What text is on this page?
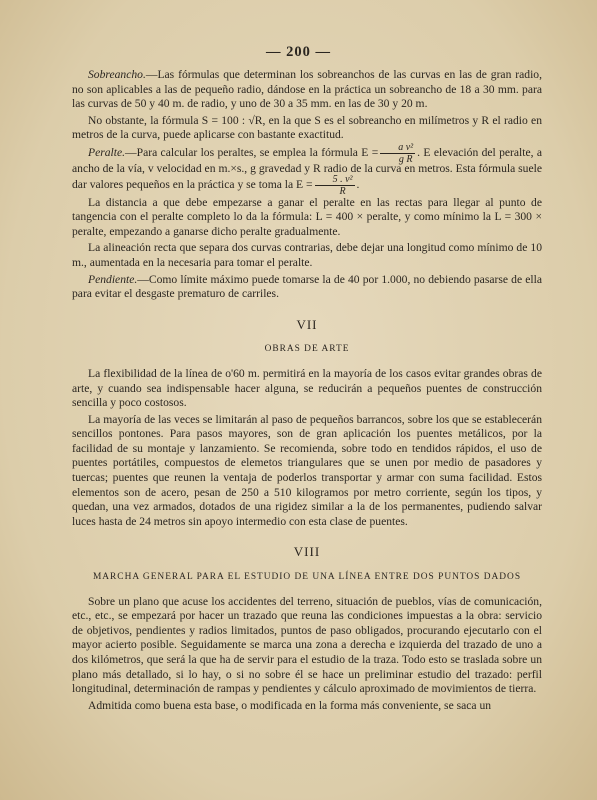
— 200 —

Sobreancho.—Las fórmulas que determinan los sobreanchos de las curvas en las de gran radio, no son aplicables a las de pequeño radio, dándose en la práctica un sobreancho de 18 a 30 mm. para las curvas de 50 y 40 m. de radio, y uno de 30 a 35 mm. en las de 30 y 20 m.

No obstante, la fórmula S = 100 : √R, en la que S es el sobreancho en milímetros y R el radio en metros de la curva, puede aplicarse con bastante exactitud.

Peralte.—Para calcular los peraltes, se emplea la fórmula $E = \frac{\text{a v²}}{\text{g R}}$ . E elevación del peralte, a ancho de la vía, v velocidad en m.×s., g gravedad y R radio de la curva en metros. Esta fórmula suele dar valores pequeños en la práctica y se toma la $E = \frac{\text{5 . v²}}{R}$ .

La distancia a que debe empezarse a ganar el peralte en las rectas para llegar al punto de tangencia con el peralte completo lo da la fórmula: L = 400 × peralte, y como mínimo la L = 300 × peralte, empezando a ganarse dicho peralte gradualmente.

La alineación recta que separa dos curvas contrarias, debe dejar una longitud como mínimo de 10 m., aumentada en la necesaria para tomar el peralte.

Pendiente.—Como límite máximo puede tomarse la de 40 por 1.000, no debiendo pasarse de ella para evitar el desgaste prematuro de carriles.

VII
OBRAS DE ARTE

La flexibilidad de la línea de o'60 m. permitirá en la mayoría de los casos evitar grandes obras de arte, y cuando sea indispensable hacer alguna, se reducirán a pequeños puentes de construcción sencilla y poco costosos.

La mayoría de las veces se limitarán al paso de pequeños barrancos, sobre los que se establecerán sencillos pontones. Para pasos mayores, son de gran aplicación los puentes metálicos, por la facilidad de su montaje y lanzamiento. Se recomienda, sobre todo en tendidos rápidos, el uso de puentes portátiles, compuestos de elemetos triangulares que se unen por medio de pasadores y tuercas; puentes que reunen la ventaja de poderlos transportar y armar con suma facilidad. Estos elementos son de acero, pesan de 250 a 510 kilogramos por metro corriente, según los tipos, y quedan, una vez armados, dotados de una rigidez similar a la de los permanentes, pudiendo salvar luces hasta de 24 metros sin apoyo intermedio con esta clase de puentes.

VIII
MARCHA GENERAL PARA EL ESTUDIO DE UNA LÍNEA ENTRE DOS PUNTOS DADOS

Sobre un plano que acuse los accidentes del terreno, situación de pueblos, vías de comunicación, etc., etc., se empezará por hacer un trazado que reuna las condiciones impuestas a la obra: servicio de objetivos, pendientes y radios limitados, puntos de paso obligados, procurando ejecutarlo con el mayor acierto posible. Seguidamente se marca una zona a derecha e izquierda del trazado de uno a dos kilómetros, que será la que ha de servir para el estudio de la traza. Todo esto se traslada sobre un plano más detallado, si lo hay, o si no sobre él se hace un preliminar estudio del trazado: perfil longitudinal, determinación de rampas y pendientes y cálculo aproximado de movimientos de tierra.

Admitida como buena esta base, o modificada en la forma más conveniente, se saca un
